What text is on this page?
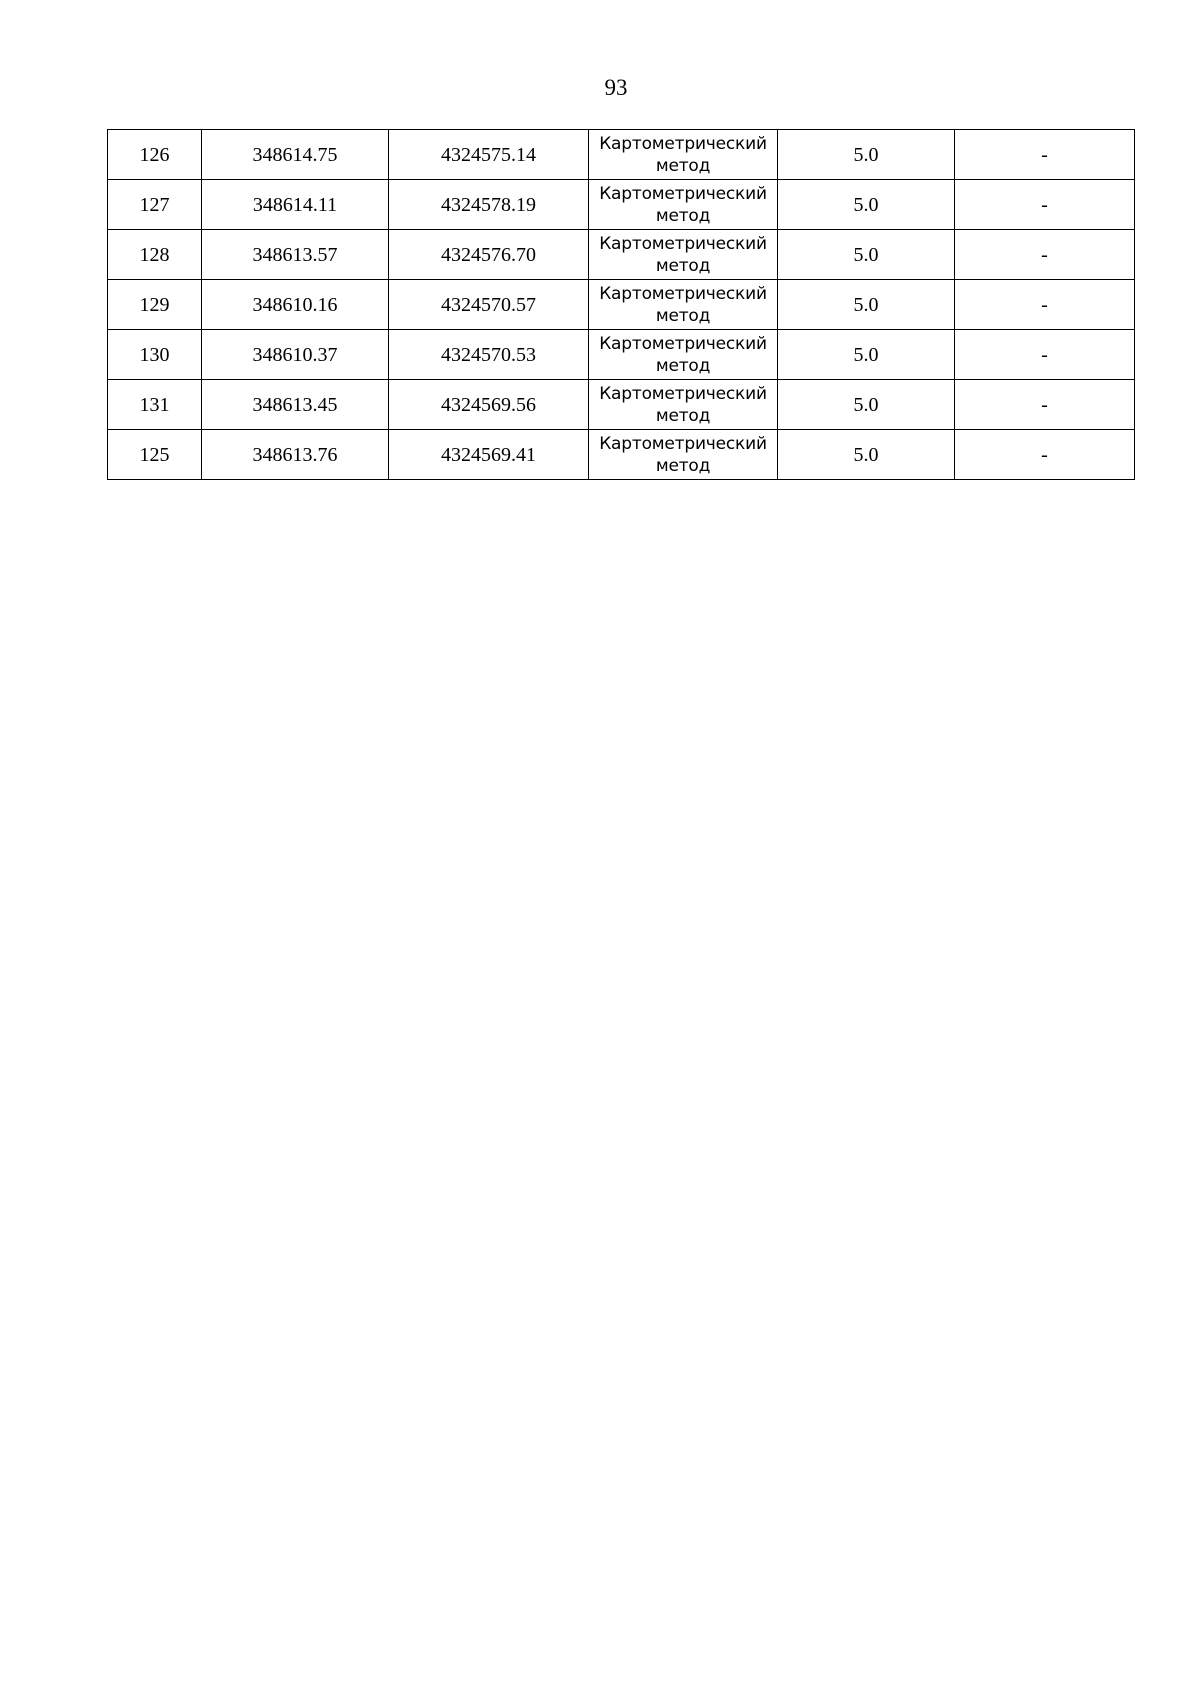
93
126	348614.75	4324575.14	Картометрический метод	5.0	-
127	348614.11	4324578.19	Картометрический метод	5.0	-
128	348613.57	4324576.70	Картометрический метод	5.0	-
129	348610.16	4324570.57	Картометрический метод	5.0	-
130	348610.37	4324570.53	Картометрический метод	5.0	-
131	348613.45	4324569.56	Картометрический метод	5.0	-
125	348613.76	4324569.41	Картометрический метод	5.0	-
